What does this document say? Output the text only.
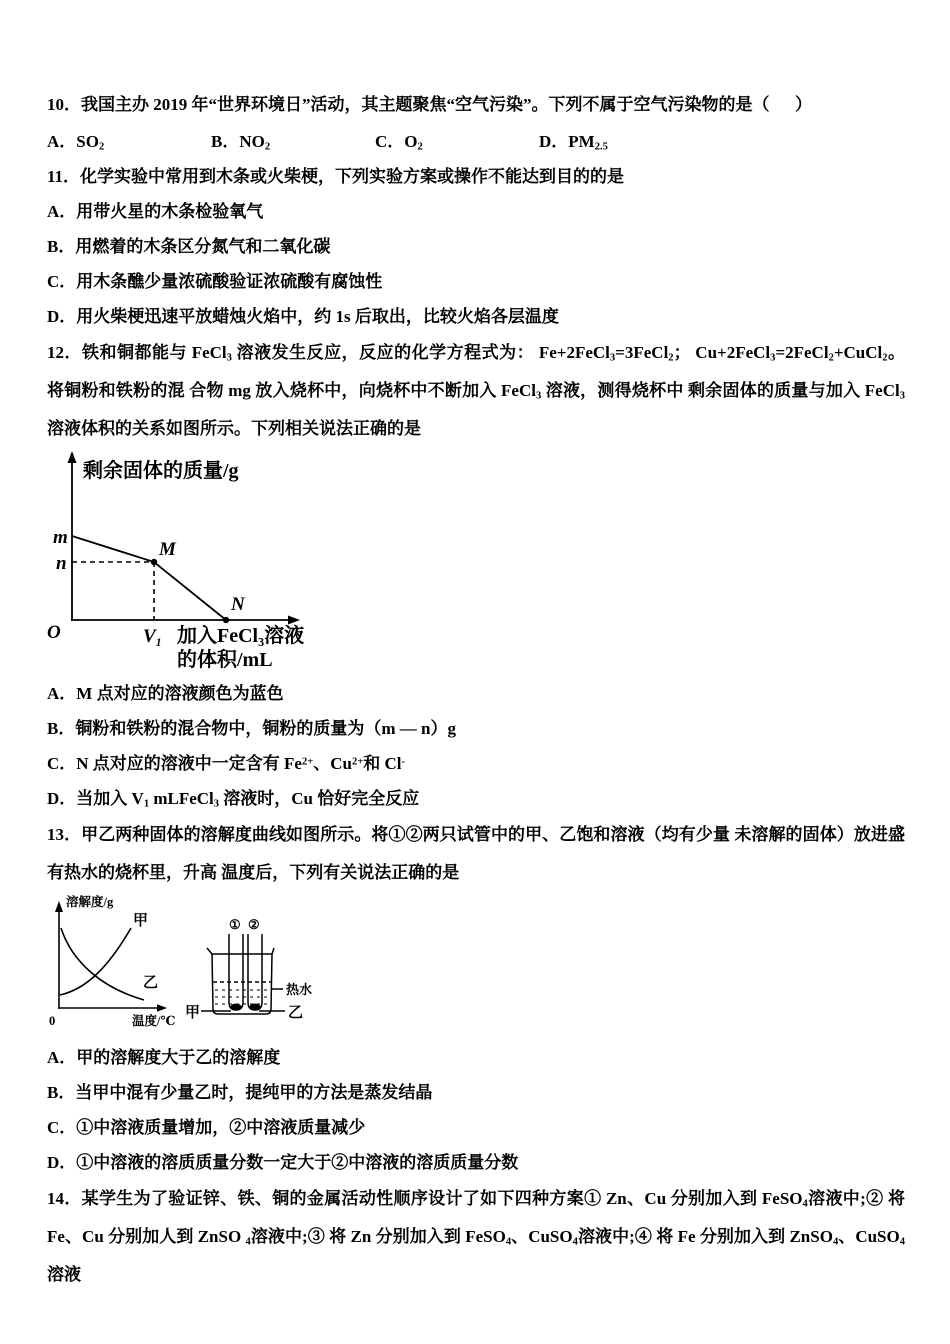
10．我国主办 2019 年“世界环境日”活动，其主题聚焦“空气污染”。下列不属于空气污染物的是（      ）

A．$SO_2$	B．$NO_2$	C．$O_2$	D．$PM_{2.5}$

11．化学实验中常用到木条或火柴梗，下列实验方案或操作不能达到目的的是

A．用带火星的木条检验氧气

B．用燃着的木条区分氮气和二氧化碳

C．用木条醮少量浓硫酸验证浓硫酸有腐蚀性

D．用火柴梗迅速平放蜡烛火焰中，约 1s 后取出，比较火焰各层温度

12．铁和铜都能与 FeCl$_3$ 溶液发生反应，反应的化学方程式为： Fe+2FeCl$_3$=3FeCl$_2$； Cu+2FeCl$_3$=2FeCl$_2$+CuCl$_2$。将铜粉和铁粉的混 合物 mg 放入烧杯中，向烧杯中不断加入 FeCl$_3$ 溶液，测得烧杯中 剩余固体的质量与加入 FeCl$_3$ 溶液体积的关系如图所示。下列相关说法正确的是

剩余固体的质量/g
m
n
M
N
O	V₁ 加入FeCl₃溶液
的体积/mL

A．M 点对应的溶液颜色为蓝色

B．铜粉和铁粉的混合物中，铜粉的质量为（m — n）g

C．N 点对应的溶液中一定含有 $Fe^{2+}$、$Cu^{2+}$和 Cl-

D．当加入 $V_1$ mLFeCl$_3$ 溶液时，Cu 恰好完全反应

13．甲乙两种固体的溶解度曲线如图所示。将①②两只试管中的甲、乙饱和溶液（均有少量 未溶解的固体）放进盛有热水的烧杯里，升高 温度后，下列有关说法正确的是

溶解度/g
甲
乙
0	温度/℃
① ②
热水
甲	乙

A．甲的溶解度大于乙的溶解度

B．当甲中混有少量乙时，提纯甲的方法是蒸发结晶

C．①中溶液质量增加，②中溶液质量减少

D．①中溶液的溶质质量分数一定大于②中溶液的溶质质量分数

14．某学生为了验证锌、铁、铜的金属活动性顺序设计了如下四种方案① Zn、Cu 分别加入到 FeSO$_4$溶液中;② 将 Fe、Cu 分别加人到 ZnSO $_4$溶液中;③ 将 Zn 分别加入到 FeSO$_4$、CuSO$_4$溶液中;④ 将 Fe 分别加入到 ZnSO$_4$、CuSO$_4$溶液
